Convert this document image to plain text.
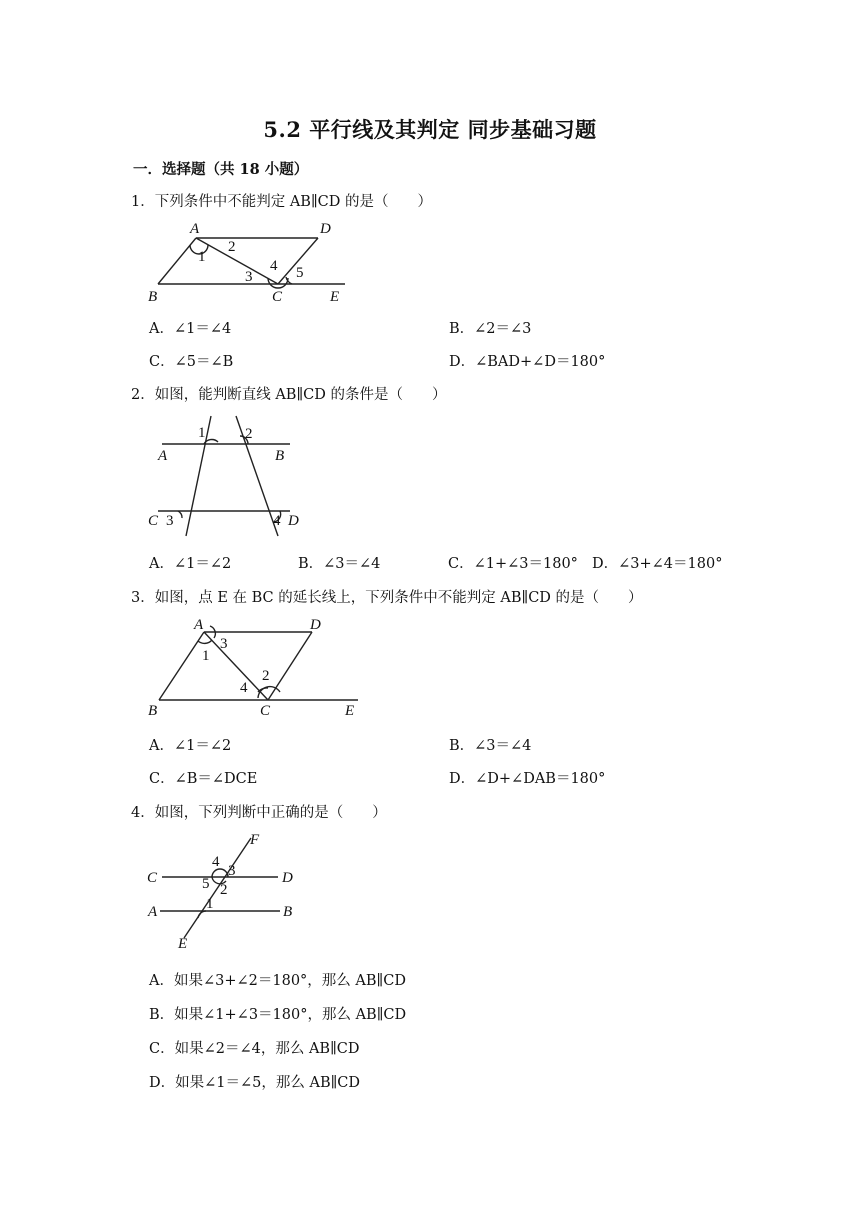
5.2 平行线及其判定 同步基础习题
一．选择题（共 18 小题）
1．下列条件中不能判定 AB∥CD 的是（　　）
A	D
B	C	E
1
2
3
4 5
A．∠1＝∠4	B．∠2＝∠3
C．∠5＝∠B	D．∠BAD+∠D＝180°
2．如图，能判断直线 AB∥CD 的条件是（　　）
A	B
C	D
1	2
3	4
A．∠1＝∠2	B．∠3＝∠4	C．∠1+∠3＝180° D．∠3+∠4＝180°
3．如图，点 E 在 BC 的延长线上，下列条件中不能判定 AB∥CD 的是（　　）
A	D
B	C	E
1
3
4
2
A．∠1＝∠2	B．∠3＝∠4
C．∠B＝∠DCE	D．∠D+∠DAB＝180°
4．如图，下列判断中正确的是（　　）
F
C	D
A	B
E
4
3
5 2
1
A．如果∠3+∠2＝180°，那么 AB∥CD
B．如果∠1+∠3＝180°，那么 AB∥CD
C．如果∠2＝∠4，那么 AB∥CD
D．如果∠1＝∠5，那么 AB∥CD
